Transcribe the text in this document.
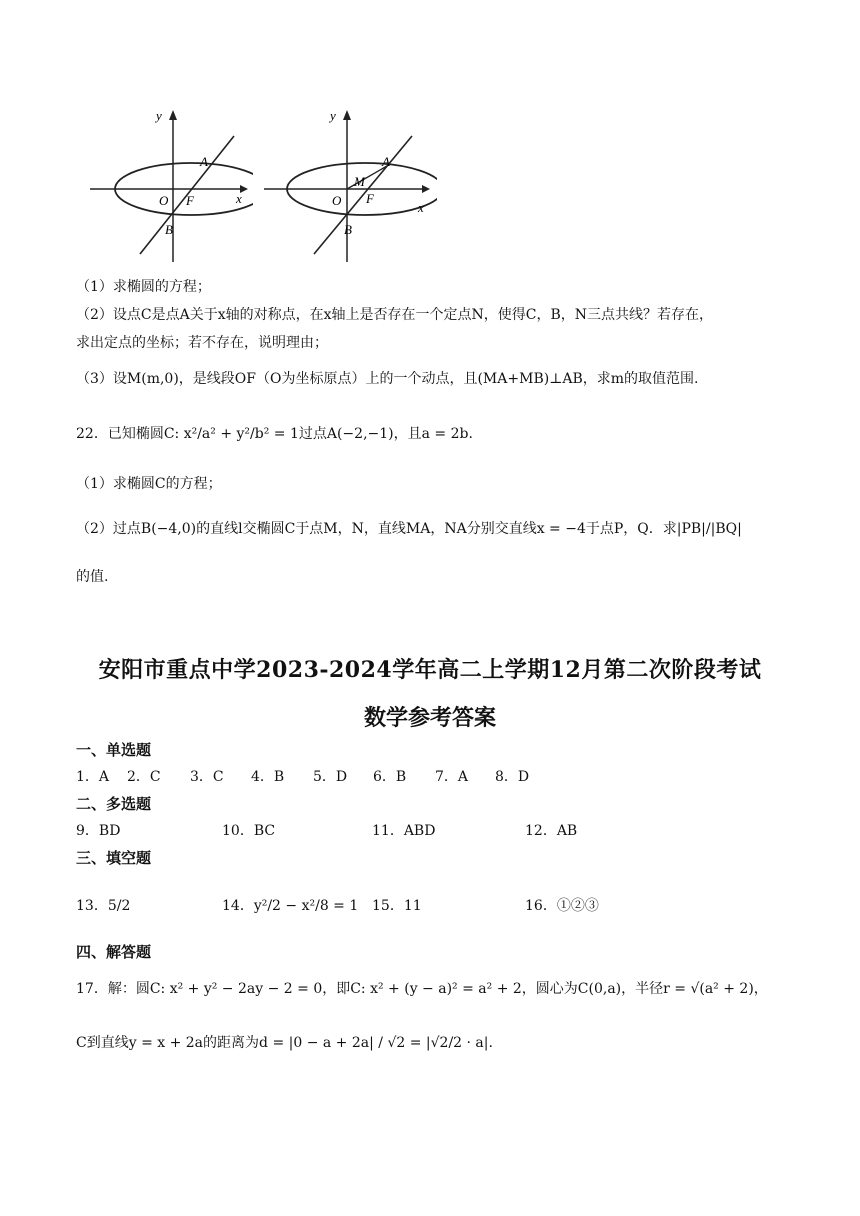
y
x
O F
A
B
y
x
O F
M
A
B
（1）求椭圆的方程；
（2）设点C是点A关于x轴的对称点，在x轴上是否存在一个定点N，使得C，B，N三点共线？若存在，
求出定点的坐标；若不存在，说明理由；
（3）设M(m,0)，是线段OF（O为坐标原点）上的一个动点，且(MA+MB)⊥AB，求m的取值范围.
22．已知椭圆C: x²/a² + y²/b² = 1过点A(−2,−1)，且a = 2b.
（1）求椭圆C的方程；
（2）过点B(−4,0)的直线l交椭圆C于点M，N，直线MA，NA分别交直线x = −4于点P，Q．求|PB|/|BQ|
的值.
安阳市重点中学2023-2024学年高二上学期12月第二次阶段考试
数学参考答案
一、单选题
1．A 2．C 3．C 4．B 5．D 6．B 7．A 8．D
二、多选题
9．BD	10．BC	11．ABD	12．AB
三、填空题
13．5/2	14．y²/2 − x²/8 = 1 15．11	16．①②③
四、解答题
17．解：圆C: x² + y² − 2ay − 2 = 0，即C: x² + (y − a)² = a² + 2，圆心为C(0,a)，半径r = √(a² + 2)，
C到直线y = x + 2a的距离为d = |0 − a + 2a| / √2 = |√2/2 · a|.
